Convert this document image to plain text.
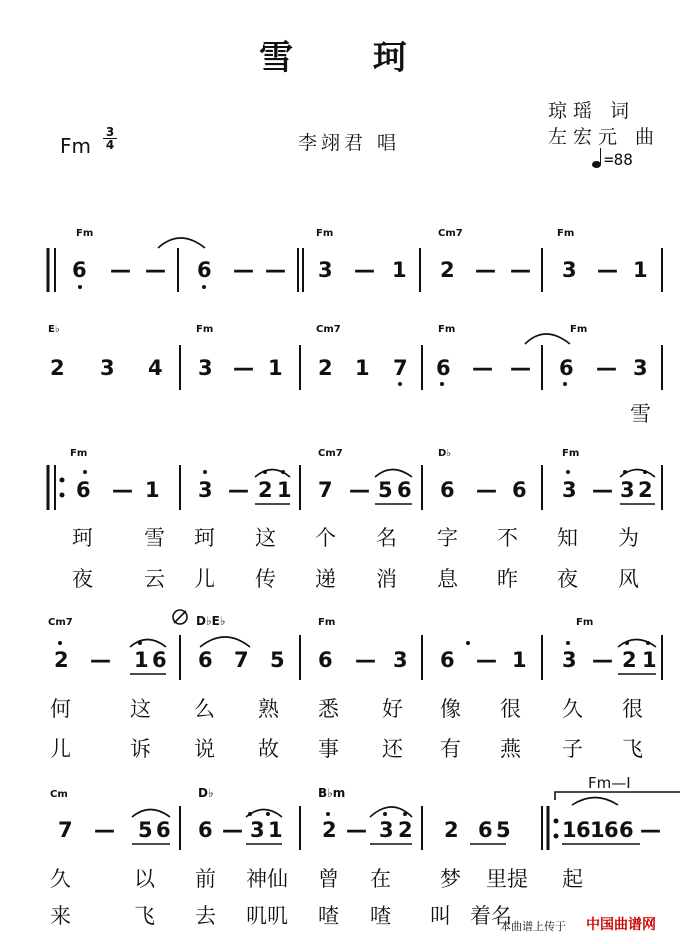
雪 珂
李翊君 唱
琼瑶 词
左宏元 曲
Fm
3
4
=88
Fm	Fm	Cm7	Fm
6 — — 6 — — 3 — 1 2 — — 3 — 1
E♭	Fm	Cm7	Fm	Fm
2 3 4 3 — 1 2 1 7 6 — — 6 — 3
雪
Fm	Cm7	D♭	Fm
6 — 1 3 — 2 1 7 — 5 6 6 — 6 3 — 3 2
珂 雪 珂 这 个 名 字 不 知 为
夜 云 儿 传 递 消 息 昨 夜 风
Cm7	D♭E♭	Fm	Fm
2 — 1 6 6 7 5 6 — 3 6 — 1 3 — 2 1
何	这 么 熟 悉 好 像 很 久 很
儿	诉 说 故 事 还 有 燕 子 飞
Cm	D♭	B♭m
Fm—I
7 — 5 6 6 — 3 1 2 — 3 2 2 6 5 1 6 1 6 6 —
久	以 前 神仙 曾 在 梦 里提 起
来	飞 去 叽叽 喳 喳 叫 着名
本曲谱上传于 中国曲谱网
